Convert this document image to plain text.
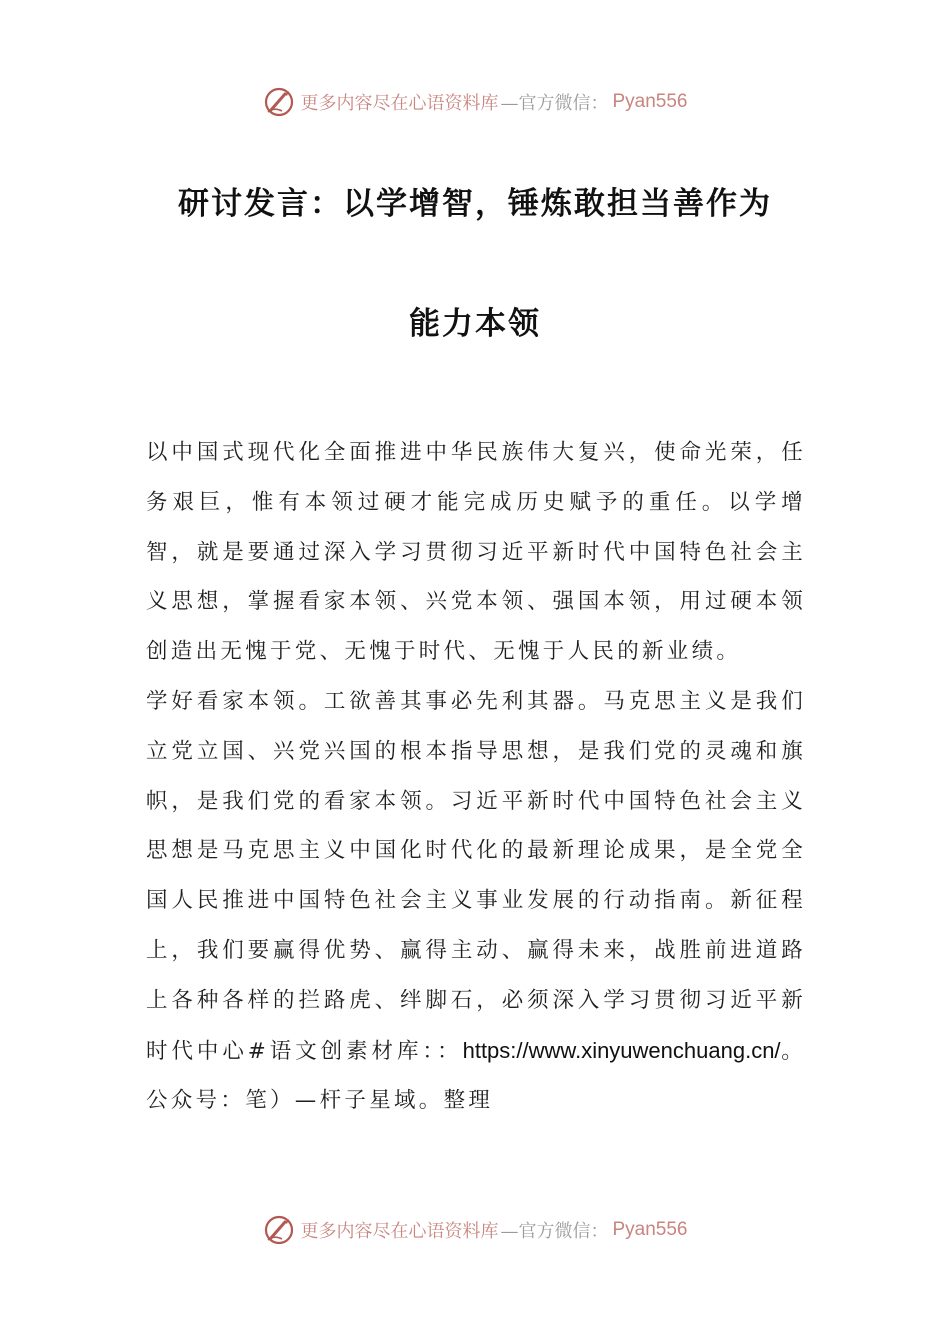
更多内容尽在心语资料库 —官方微信： Pyan556
研讨发言：以学增智，锤炼敢担当善作为
能力本领

以中国式现代化全面推进中华民族伟大复兴，使命光荣，任务艰巨，惟有本领过硬才能完成历史赋予的重任。以学增智，就是要通过深入学习贯彻习近平新时代中国特色社会主义思想，掌握看家本领、兴党本领、强国本领，用过硬本领创造出无愧于党、无愧于时代、无愧于人民的新业绩。

学好看家本领。工欲善其事必先利其器。马克思主义是我们立党立国、兴党兴国的根本指导思想，是我们党的灵魂和旗帜，是我们党的看家本领。习近平新时代中国特色社会主义思想是马克思主义中国化时代化的最新理论成果，是全党全国人民推进中国特色社会主义事业发展的行动指南。新征程上，我们要赢得优势、赢得主动、赢得未来，战胜前进道路上各种各样的拦路虎、绊脚石，必须深入学习贯彻习近平新时代中心#语文创素材库：：https://www.xinyuwenchuang.cn/。公众号：笔）—杆子星域。整理

更多内容尽在心语资料库 —官方微信： Pyan556
